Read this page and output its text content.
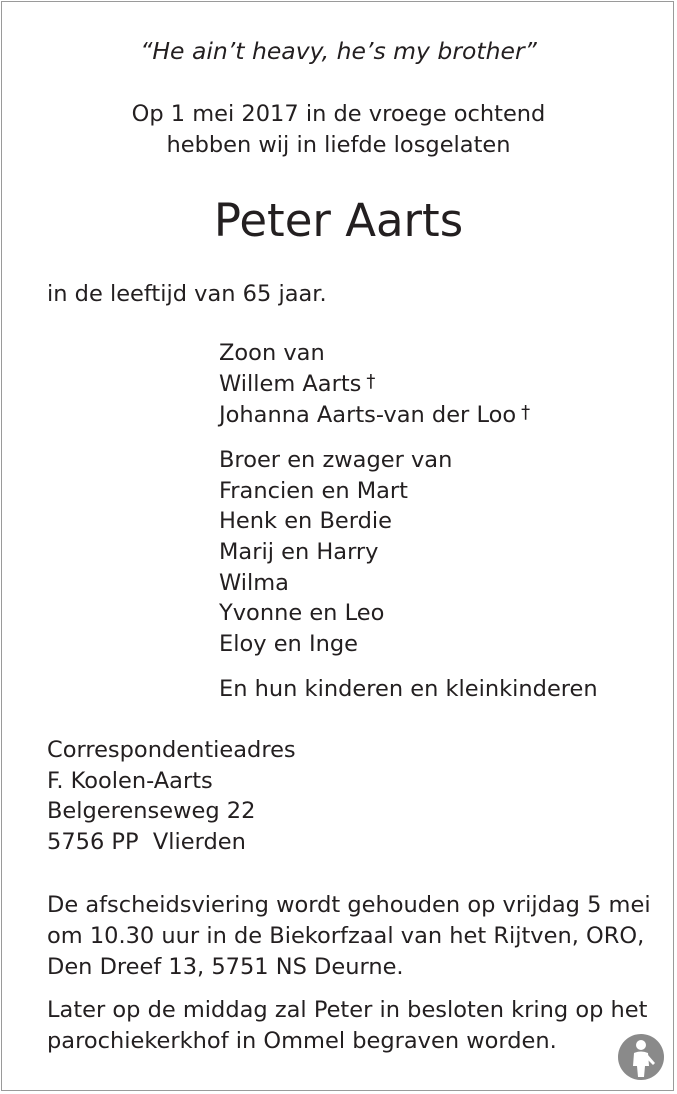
“He ain’t heavy, he’s my brother”
Op 1 mei 2017 in de vroege ochtend
hebben wij in liefde losgelaten
Peter Aarts
in de leeftijd van 65 jaar.
Zoon van
Willem Aarts †
Johanna Aarts-van der Loo †
Broer en zwager van
Francien en Mart
Henk en Berdie
Marij en Harry
Wilma
Yvonne en Leo
Eloy en Inge
En hun kinderen en kleinkinderen
Correspondentieadres
F. Koolen-Aarts
Belgerenseweg 22
5756 PP  Vlierden
De afscheidsviering wordt gehouden op vrijdag 5 mei
om 10.30 uur in de Biekorfzaal van het Rijtven, ORO,
Den Dreef 13, 5751 NS Deurne.
Later op de middag zal Peter in besloten kring op het
parochiekerkhof in Ommel begraven worden.
